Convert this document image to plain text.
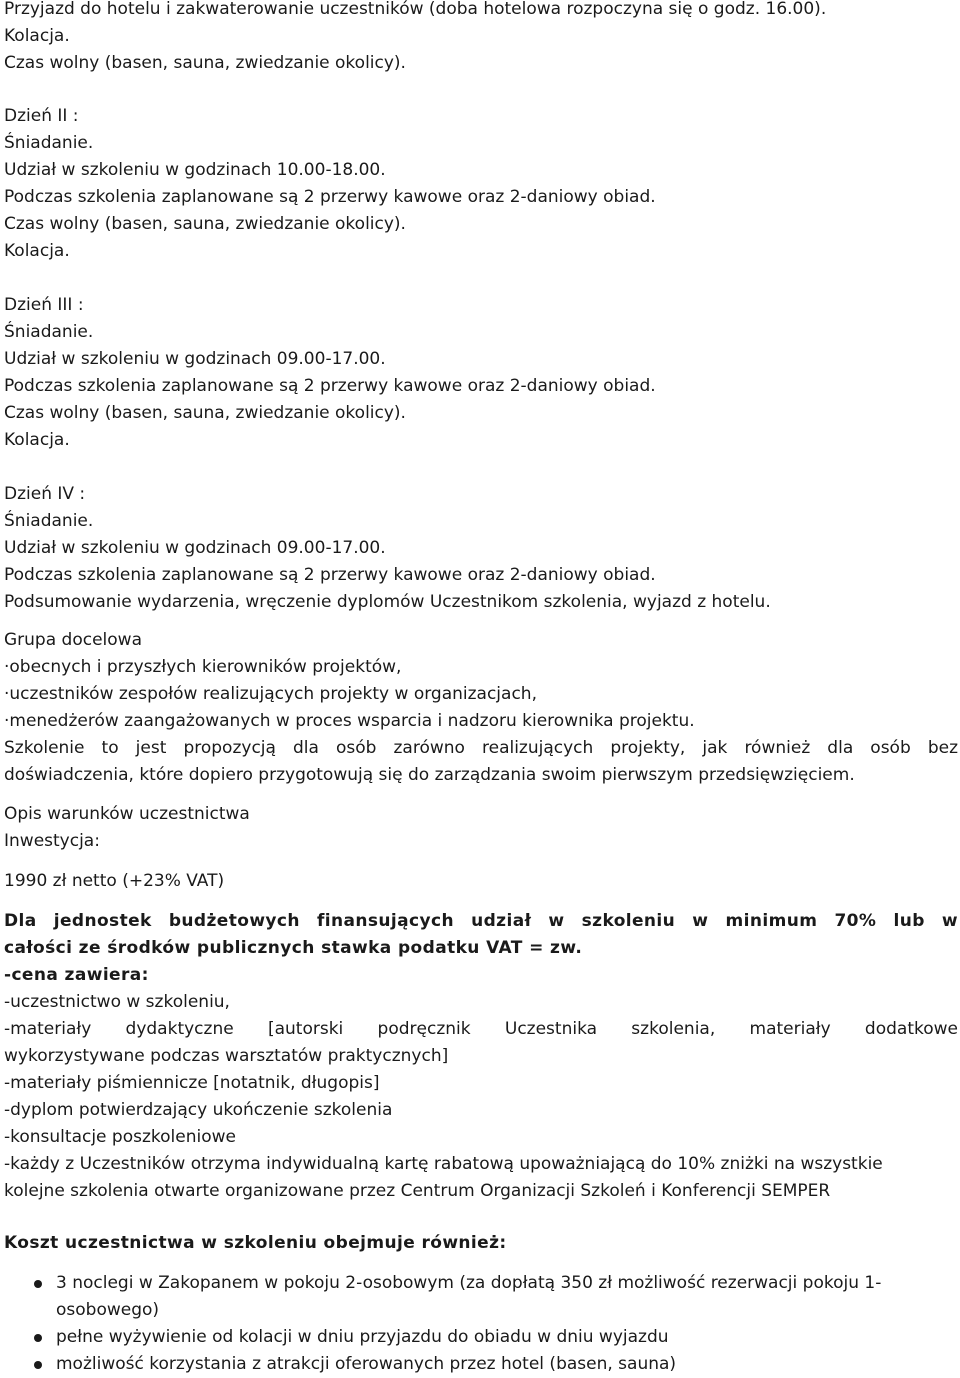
Przyjazd do hotelu i zakwaterowanie uczestników (doba hotelowa rozpoczyna się o godz. 16.00).
Kolacja.
Czas wolny (basen, sauna, zwiedzanie okolicy).
Dzień II :
Śniadanie.
Udział w szkoleniu w godzinach 10.00-18.00.
Podczas szkolenia zaplanowane są 2 przerwy kawowe oraz 2-daniowy obiad.
Czas wolny (basen, sauna, zwiedzanie okolicy).
Kolacja.
Dzień III :
Śniadanie.
Udział w szkoleniu w godzinach 09.00-17.00.
Podczas szkolenia zaplanowane są 2 przerwy kawowe oraz 2-daniowy obiad.
Czas wolny (basen, sauna, zwiedzanie okolicy).
Kolacja.
Dzień IV :
Śniadanie.
Udział w szkoleniu w godzinach 09.00-17.00.
Podczas szkolenia zaplanowane są 2 przerwy kawowe oraz 2-daniowy obiad.
Podsumowanie wydarzenia, wręczenie dyplomów Uczestnikom szkolenia, wyjazd z hotelu.
Grupa docelowa
·obecnych i przyszłych kierowników projektów,
·uczestników zespołów realizujących projekty w organizacjach,
·menedżerów zaangażowanych w proces wsparcia i nadzoru kierownika projektu.
Szkolenie to jest propozycją dla osób zarówno realizujących projekty, jak również dla osób bez
doświadczenia, które dopiero przygotowują się do zarządzania swoim pierwszym przedsięwzięciem.
Opis warunków uczestnictwa
Inwestycja:
1990 zł netto (+23% VAT)
Dla jednostek budżetowych finansujących udział w szkoleniu w minimum 70% lub w
całości ze środków publicznych stawka podatku VAT = zw.
-cena zawiera:
-uczestnictwo w szkoleniu,
-materiały dydaktyczne [autorski podręcznik Uczestnika szkolenia, materiały dodatkowe
wykorzystywane podczas warsztatów praktycznych]
-materiały piśmiennicze [notatnik, długopis]
-dyplom potwierdzający ukończenie szkolenia
-konsultacje poszkoleniowe
-każdy z Uczestników otrzyma indywidualną kartę rabatową upoważniającą do 10% zniżki na wszystkie
kolejne szkolenia otwarte organizowane przez Centrum Organizacji Szkoleń i Konferencji SEMPER
Koszt uczestnictwa w szkoleniu obejmuje również:
3 noclegi w Zakopanem w pokoju 2-osobowym (za dopłatą 350 zł możliwość rezerwacji pokoju 1-
osobowego)
pełne wyżywienie od kolacji w dniu przyjazdu do obiadu w dniu wyjazdu
możliwość korzystania z atrakcji oferowanych przez hotel (basen, sauna)
